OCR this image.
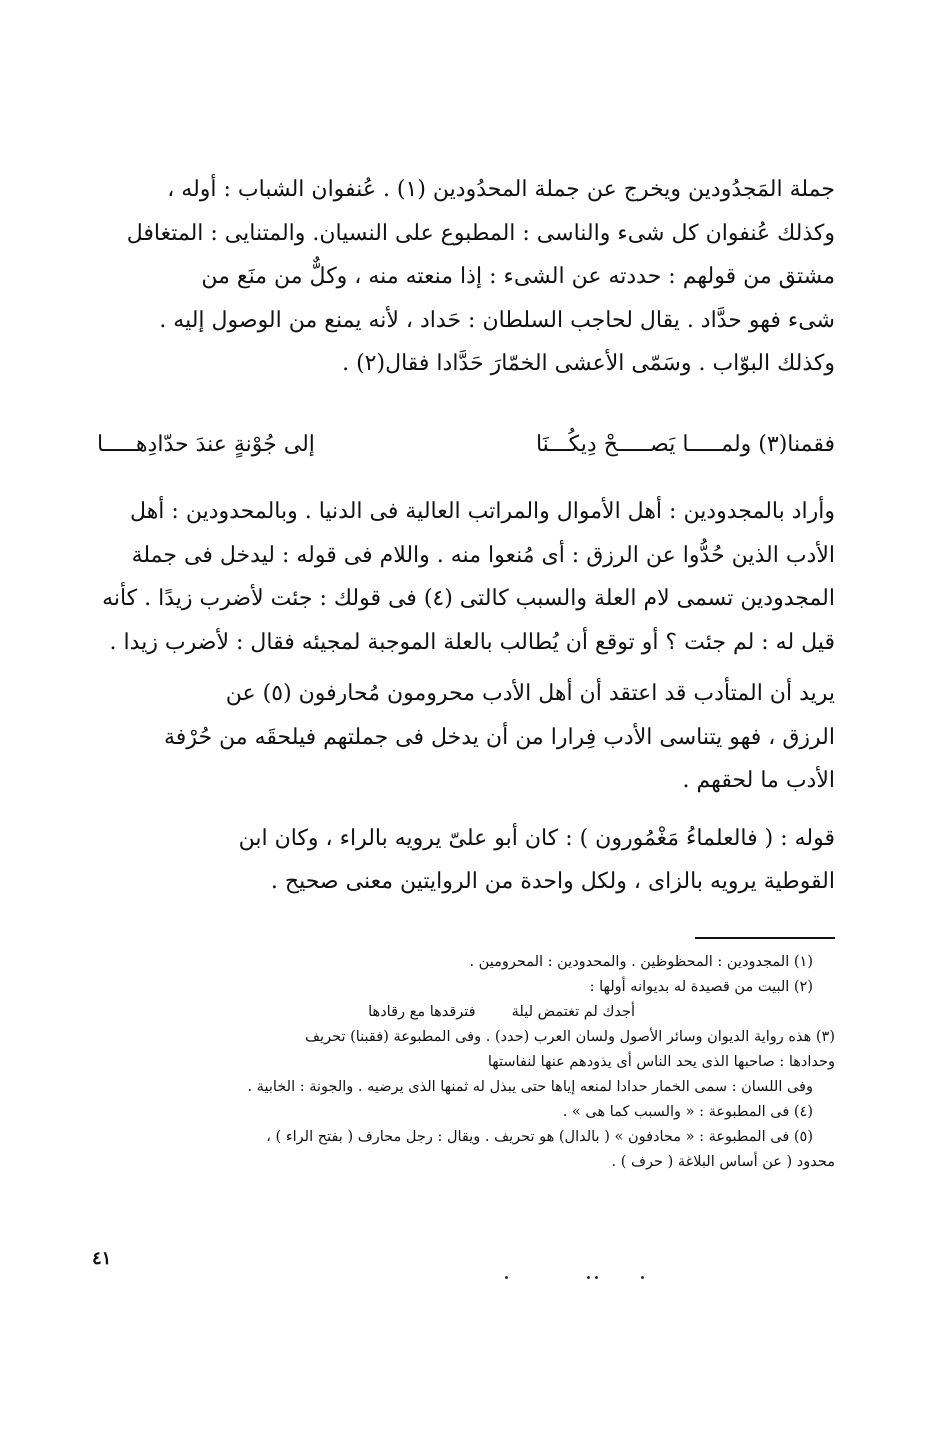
جملة المَجدُودين ويخرج عن جملة المحدُودين (١) . عُنفوان الشباب : أوله ،

وكذلك عُنفوان كل شىء والناسى : المطبوع على النسيان. والمتنايى : المتغافل

مشتق من قولهم : حددته عن الشىء : إذا منعته منه ، وكلٌّ من منَع من

شىء فهو حدَّاد . يقال لحاجب السلطان : حَداد ، لأنه يمنع من الوصول إليه .

وكذلك البوّاب . وسَمّى الأعشى الخمّارَ حَدَّادا فقال(٢) .

فقمنا(٣) ولمـــــا يَصـــــحْ دِيكُـــنَا
إلى جُوْنةٍ عندَ حدّادِهـــــا

وأراد بالمجدودين : أهل الأموال والمراتب العالية فى الدنيا . وبالمحدودين : أهل

الأدب الذين حُدُّوا عن الرزق : أى مُنعوا منه . واللام فى قوله : ليدخل فى جملة

المجدودين تسمى لام العلة والسبب كالتى (٤) فى قولك : جئت لأضرب زيدًا . كأنه

قيل له : لم جئت ؟ أو توقع أن يُطالب بالعلة الموجبة لمجيئه فقال : لأضرب زيدا .

يريد أن المتأدب قد اعتقد أن أهل الأدب محرومون مُحارفون (٥) عن

الرزق ، فهو يتناسى الأدب فِرارا من أن يدخل فى جملتهم فيلحقَه من حُرْفة

الأدب ما لحقهم .

قوله : ( فالعلماءُ مَغْمُورون ) : كان أبو علىّ يرويه بالراء ، وكان ابن

القوطية يرويه بالزاى ، ولكل واحدة من الروايتين معنى صحيح .

(١) المجدودين : المحظوظين . والمحدودين : المحرومين .

(٢) البيت من قصيدة له بديوانه أولها :

أجدك لم تغتمض ليلةفترقدها مع رقادها

(٣) هذه رواية الديوان وسائر الأصول ولسان العرب (حدد) . وفى المطبوعة (فقبنا) تحريف

وحدادها : صاحبها الذى يحد الناس أى يذودهم عنها لنفاستها

وفى اللسان : سمى الخمار حدادا لمنعه إياها حتى يبذل له ثمنها الذى يرضيه . والجونة : الخابية .

(٤) فى المطبوعة : « والسبب كما هى » .

(٥) فى المطبوعة : « محادفون » ( بالدال) هو تحريف . ويقال : رجل محارف ( بفتح الراء ) ،

محدود ( عن أساس البلاغة ( حرف ) .

٤١
